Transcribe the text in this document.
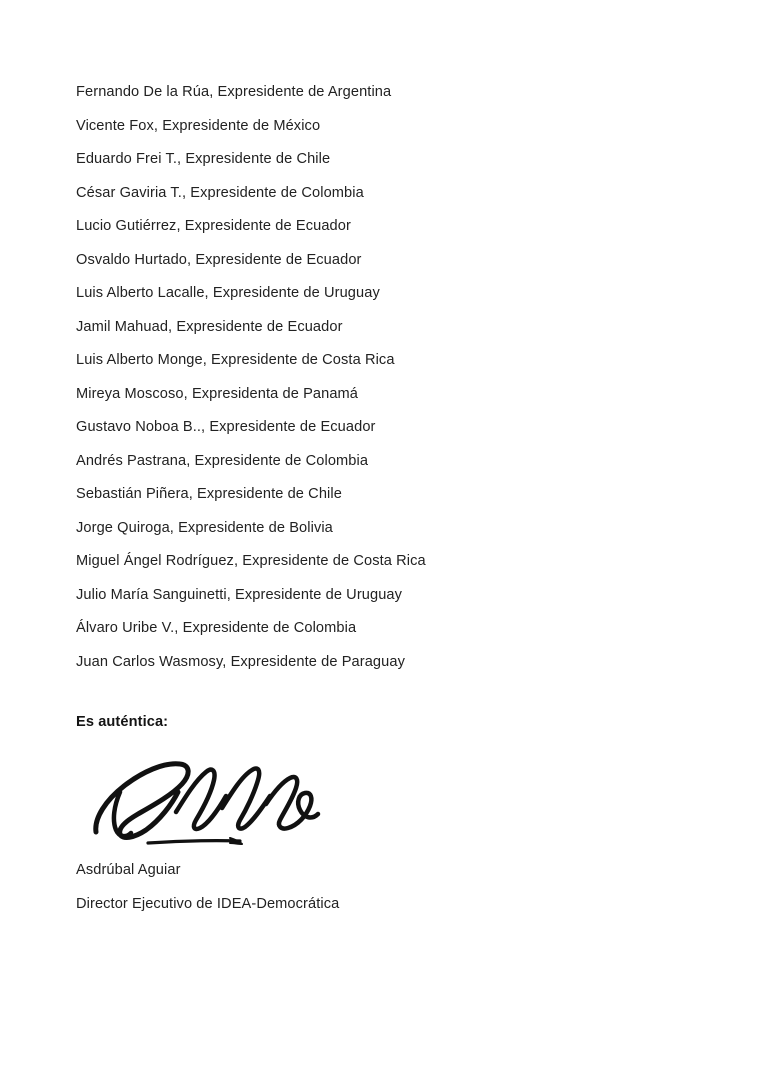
Fernando De la Rúa, Expresidente de Argentina
Vicente Fox, Expresidente de México
Eduardo Frei T., Expresidente de Chile
César Gaviria T., Expresidente de Colombia
Lucio Gutiérrez, Expresidente de Ecuador
Osvaldo Hurtado, Expresidente de Ecuador
Luis Alberto Lacalle, Expresidente de Uruguay
Jamil Mahuad, Expresidente de Ecuador
Luis Alberto Monge, Expresidente de Costa Rica
Mireya Moscoso, Expresidenta de Panamá
Gustavo Noboa B.., Expresidente de Ecuador
Andrés Pastrana, Expresidente de Colombia
Sebastián Piñera, Expresidente de Chile
Jorge Quiroga, Expresidente de Bolivia
Miguel Ángel Rodríguez, Expresidente de Costa Rica
Julio María Sanguinetti, Expresidente de Uruguay
Álvaro Uribe V., Expresidente de Colombia
Juan Carlos Wasmosy, Expresidente de Paraguay

Es auténtica:

Asdrúbal Aguiar

Director Ejecutivo de IDEA-Democrática
